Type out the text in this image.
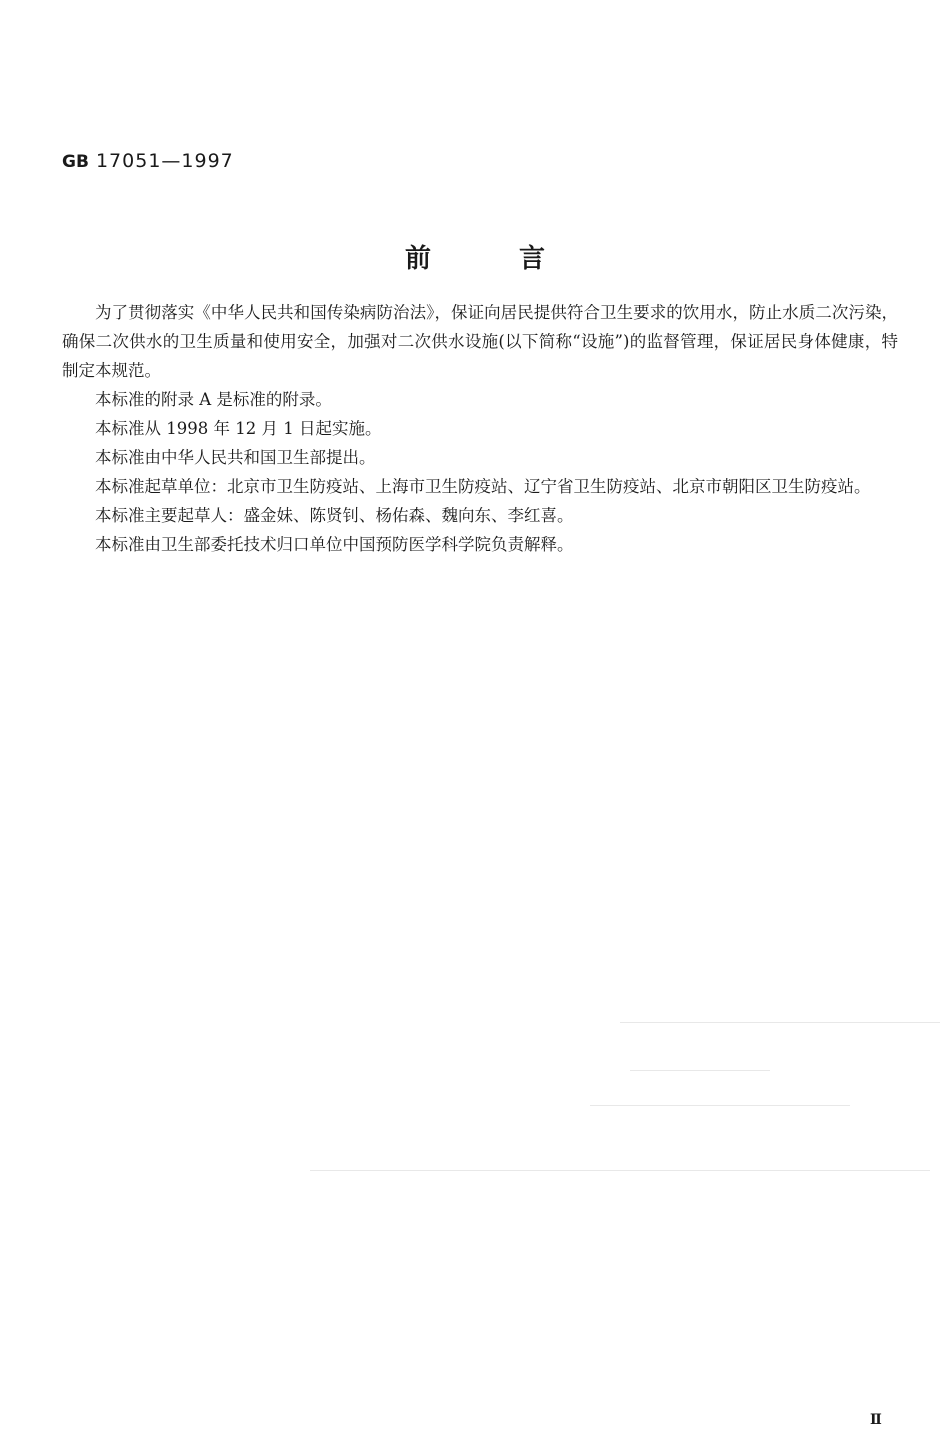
GB 17051—1997
前言

为了贯彻落实《中华人民共和国传染病防治法》，保证向居民提供符合卫生要求的饮用水，防止水质二次污染，确保二次供水的卫生质量和使用安全，加强对二次供水设施(以下简称“设施”)的监督管理，保证居民身体健康，特制定本规范。

本标准的附录 A 是标准的附录。

本标准从 1998 年 12 月 1 日起实施。

本标准由中华人民共和国卫生部提出。

本标准起草单位：北京市卫生防疫站、上海市卫生防疫站、辽宁省卫生防疫站、北京市朝阳区卫生防疫站。

本标准主要起草人：盛金妹、陈贤钊、杨佑森、魏向东、李红喜。

本标准由卫生部委托技术归口单位中国预防医学科学院负责解释。

Ⅱ
